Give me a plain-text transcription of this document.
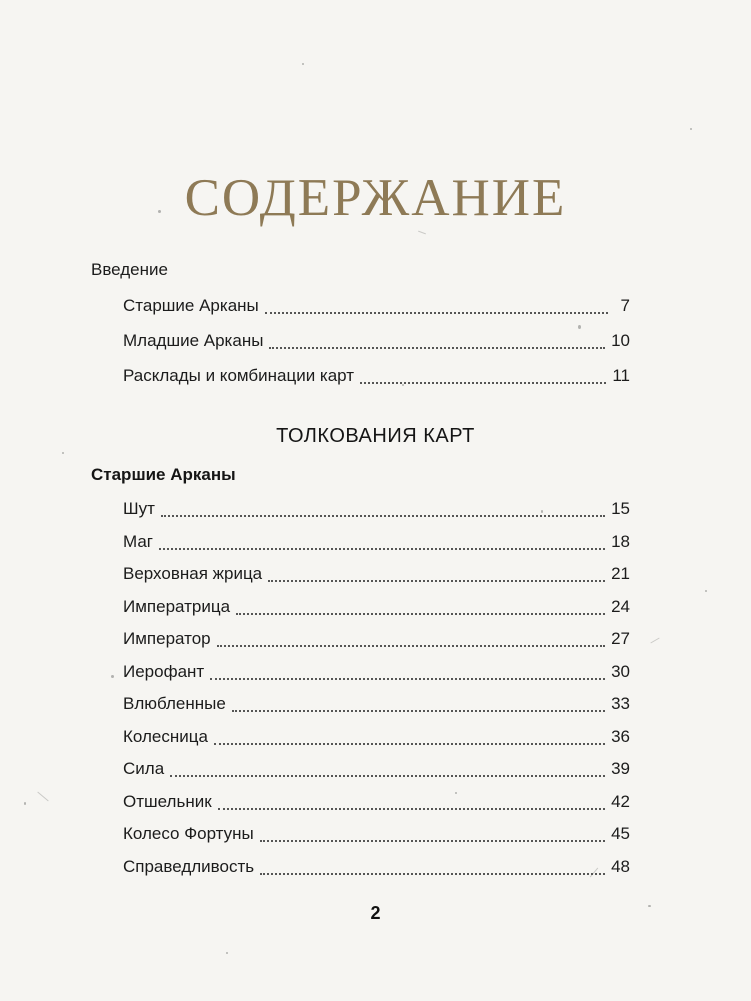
СОДЕРЖАНИЕ
Введение
Старшие Арканы	7
Младшие Арканы	10
Расклады и комбинации карт	11
ТОЛКОВАНИЯ КАРТ
Старшие Арканы
Шут	15
Маг	18
Верховная жрица	21
Императрица	24
Император	27
Иерофант	30
Влюбленные	33
Колесница	36
Сила	39
Отшельник	42
Колесо Фортуны	45
Справедливость	48
2
